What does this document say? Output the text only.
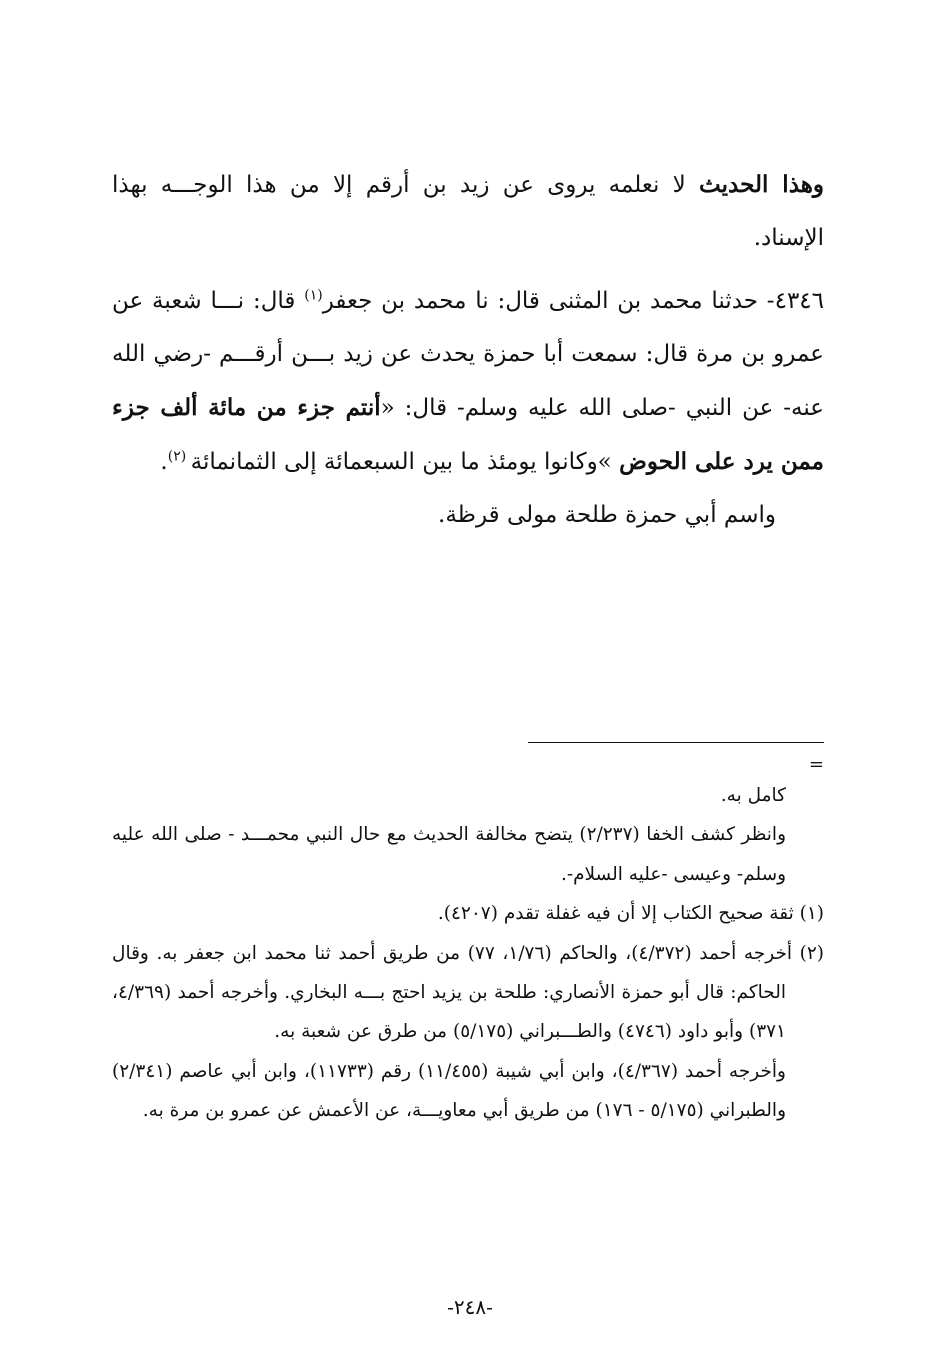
وهذا الحديث لا نعلمه يروى عن زيد بن أرقم إلا من هذا الوجـــه بهذا الإسناد.

٤٣٤٦- حدثنا محمد بن المثنى قال: نا محمد بن جعفر$^{(١)}$ قال: نـــا شعبة عن عمرو بن مرة قال: سمعت أبا حمزة يحدث عن زيد بـــن أرقـــم -رضي الله عنه- عن النبي -صلى الله عليه وسلم- قال: «أنتم جزء من مائة ألف جزء ممن يرد على الحوض »وكانوا يومئذ ما بين السبعمائة إلى الثمانمائة $^{(٢)}$.

واسم أبي حمزة طلحة مولى قرظة.

=

كامل به.

وانظر كشف الخفا (٢/٢٣٧) يتضح مخالفة الحديث مع حال النبي محمـــد - صلى الله عليه وسلم- وعيسى -عليه السلام-.

(١) ثقة صحيح الكتاب إلا أن فيه غفلة تقدم (٤٢٠٧).

(٢) أخرجه أحمد (٤/٣٧٢)، والحاكم (١/٧٦، ٧٧) من طريق أحمد ثنا محمد ابن جعفر به. وقال الحاكم: قال أبو حمزة الأنصاري: طلحة بن يزيد احتج بـــه البخاري. وأخرجه أحمد (٤/٣٦٩، ٣٧١) وأبو داود (٤٧٤٦) والطـــبراني (٥/١٧٥) من طرق عن شعبة به.

وأخرجه أحمد (٤/٣٦٧)، وابن أبي شيبة (١١/٤٥٥) رقم (١١٧٣٣)، وابن أبي عاصم (٢/٣٤١) والطبراني (٥/١٧٥ - ١٧٦) من طريق أبي معاويـــة، عن الأعمش عن عمرو بن مرة به.

-٢٤٨-
